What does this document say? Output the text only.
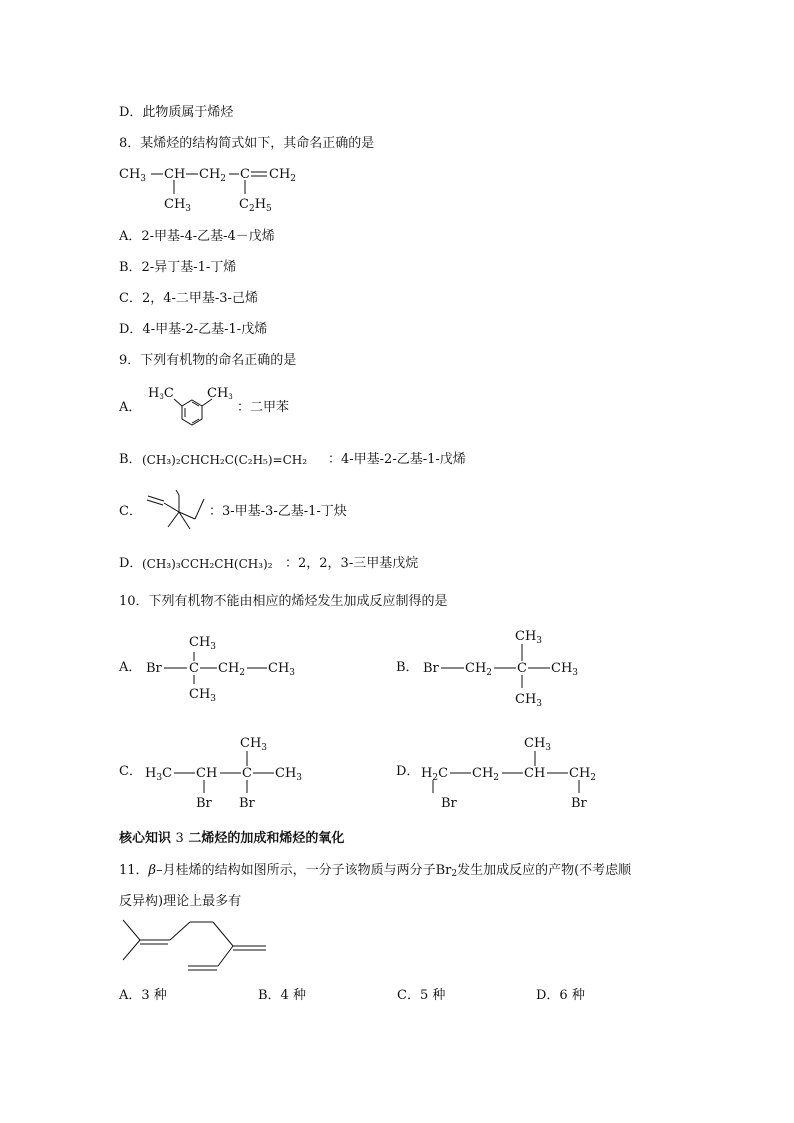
D．此物质属于烯烃
8．某烯烃的结构简式如下，其命名正确的是
$CH_3$ CH $CH_2$ C $CH_2$
$CH_3$	$C_2H_5$
A．2-甲基-4-乙基-4－戊烯
B．2-异丁基-1-丁烯
C．2，4-二甲基-3-己烯
D．4-甲基-2-乙基-1-戊烯
9．下列有机物的命名正确的是
A．
H3C	CH3
：二甲苯
B． (CH₃)₂CHCH₂C(C₂H₅)=CH₂ ：4-甲基-2-乙基-1-戊烯
C．	：3-甲基-3-乙基-1-丁炔
D． (CH₃)₃CCH₂CH(CH₃)₂ ：2，2，3-三甲基戊烷
10．下列有机物不能由相应的烯烃发生加成反应制得的是
A． Br C
$CH_3$
$CH_3$
$CH_2$ $CH_3$	B． Br $CH_2$ C
$CH_3$
$CH_3$
$CH_3$
C． $H_3C$ CH
Br
C
$CH_3$
Br
$CH_3$	D． $H_2C$
Br
$CH_2$ CH
$CH_3$
$CH_2$
Br
核心知识 3 二烯烃的加成和烯烃的氧化
11．β–月桂烯的结构如图所示，一分子该物质与两分子$Br_2$发生加成反应的产物(不考虑顺
反异构)理论上最多有
A．3 种	B．4 种	C．5 种	D．6 种
